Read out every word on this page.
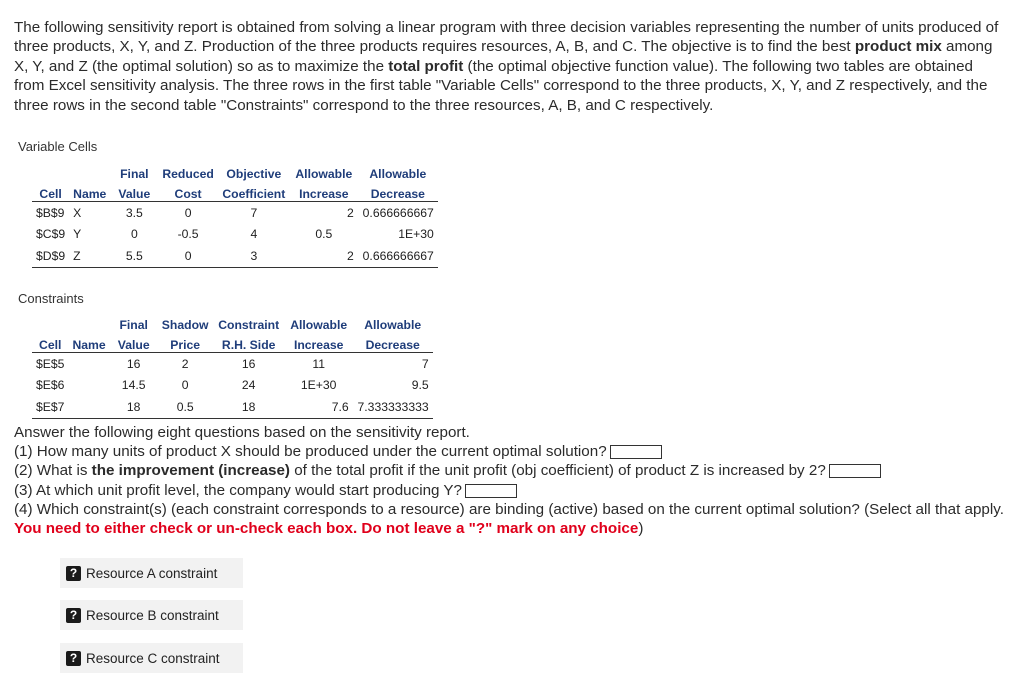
The following sensitivity report is obtained from solving a linear program with three decision variables representing the number of units produced of three products, X, Y, and Z. Production of the three products requires resources, A, B, and C. The objective is to find the best product mix among X, Y, and Z (the optimal solution) so as to maximize the total profit (the optimal objective function value). The following two tables are obtained from Excel sensitivity analysis. The three rows in the first table "Variable Cells" correspond to the three products, X, Y, and Z respectively, and the three rows in the second table "Constraints" correspond to the three resources, A, B, and C respectively.
Variable Cells
		Final	Reduced	Objective	Allowable	Allowable
Cell	Name	Value	Cost	Coefficient	Increase	Decrease
$B$9	X	3.5	0	7	2	0.666666667
$C$9	Y	0	-0.5	4	0.5	1E+30
$D$9	Z	5.5	0	3	2	0.666666667
Constraints
		Final	Shadow	Constraint	Allowable	Allowable
Cell	Name	Value	Price	R.H. Side	Increase	Decrease
$E$5		16	2	16	11	7
$E$6		14.5	0	24	1E+30	9.5
$E$7		18	0.5	18	7.6	7.333333333
Answer the following eight questions based on the sensitivity report.
(1) How many units of product X should be produced under the current optimal solution?
(2) What is the improvement (increase) of the total profit if the unit profit (obj coefficient) of product Z is increased by 2?
(3) At which unit profit level, the company would start producing Y?
(4) Which constraint(s) (each constraint corresponds to a resource) are binding (active) based on the current optimal solution? (Select all that apply. You need to either check or un-check each box. Do not leave a "?" mark on any choice)
? Resource A constraint
? Resource B constraint
? Resource C constraint
